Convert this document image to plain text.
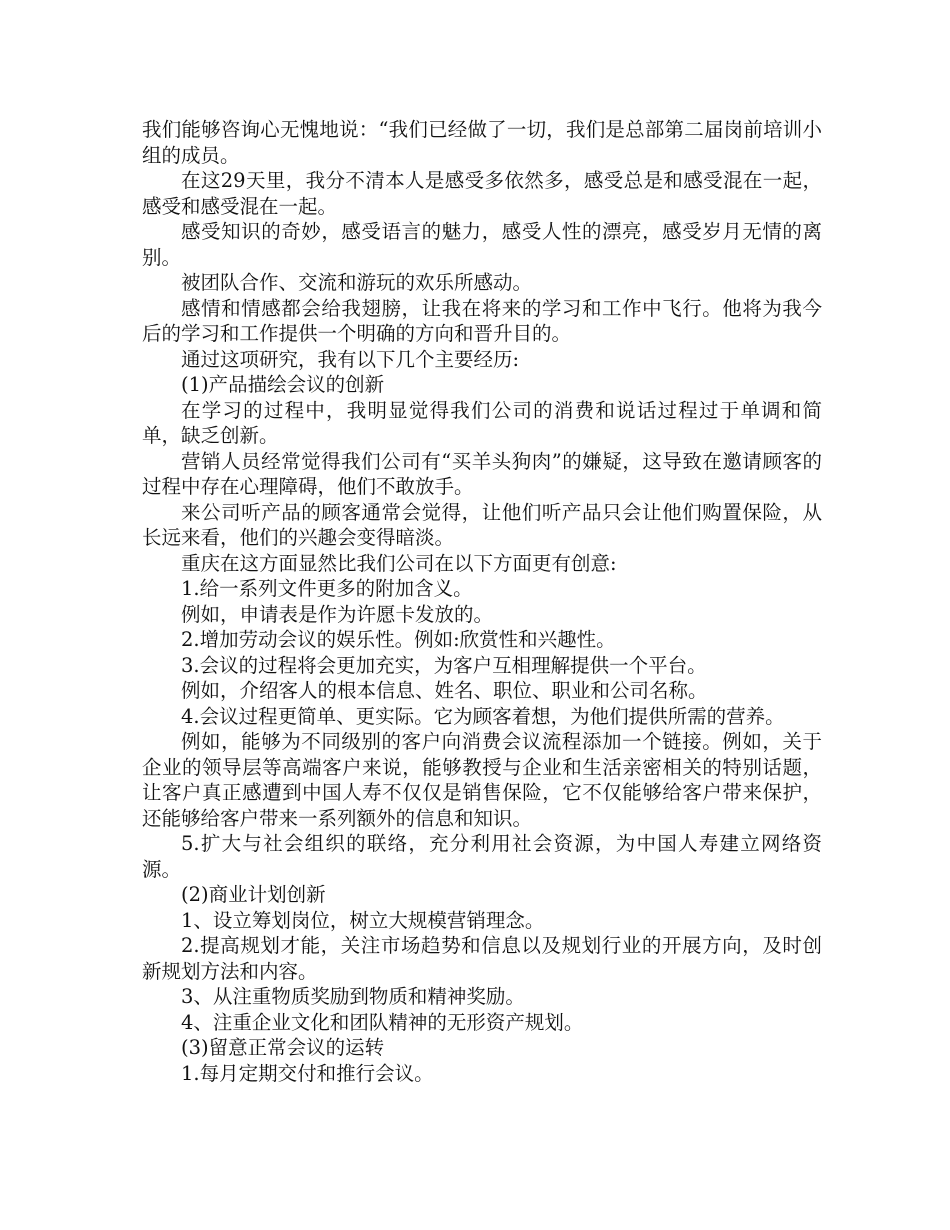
我们能够咨询心无愧地说：“我们已经做了一切，我们是总部第二届岗前培训小组的成员。

在这29天里，我分不清本人是感受多依然多，感受总是和感受混在一起，感受和感受混在一起。

感受知识的奇妙，感受语言的魅力，感受人性的漂亮，感受岁月无情的离别。

被团队合作、交流和游玩的欢乐所感动。

感情和情感都会给我翅膀，让我在将来的学习和工作中飞行。他将为我今后的学习和工作提供一个明确的方向和晋升目的。

通过这项研究，我有以下几个主要经历:

(1)产品描绘会议的创新

在学习的过程中，我明显觉得我们公司的消费和说话过程过于单调和简单，缺乏创新。

营销人员经常觉得我们公司有“买羊头狗肉”的嫌疑，这导致在邀请顾客的过程中存在心理障碍，他们不敢放手。

来公司听产品的顾客通常会觉得，让他们听产品只会让他们购置保险，从长远来看，他们的兴趣会变得暗淡。

重庆在这方面显然比我们公司在以下方面更有创意:

1.给一系列文件更多的附加含义。

例如，申请表是作为许愿卡发放的。

2.增加劳动会议的娱乐性。例如:欣赏性和兴趣性。

3.会议的过程将会更加充实，为客户互相理解提供一个平台。

例如，介绍客人的根本信息、姓名、职位、职业和公司名称。

4.会议过程更简单、更实际。它为顾客着想，为他们提供所需的营养。

例如，能够为不同级别的客户向消费会议流程添加一个链接。例如，关于企业的领导层等高端客户来说，能够教授与企业和生活亲密相关的特别话题，让客户真正感遭到中国人寿不仅仅是销售保险，它不仅能够给客户带来保护，还能够给客户带来一系列额外的信息和知识。

5.扩大与社会组织的联络，充分利用社会资源，为中国人寿建立网络资源。

(2)商业计划创新

1、设立筹划岗位，树立大规模营销理念。

2.提高规划才能，关注市场趋势和信息以及规划行业的开展方向，及时创新规划方法和内容。

3、从注重物质奖励到物质和精神奖励。

4、注重企业文化和团队精神的无形资产规划。

(3)留意正常会议的运转

1.每月定期交付和推行会议。
